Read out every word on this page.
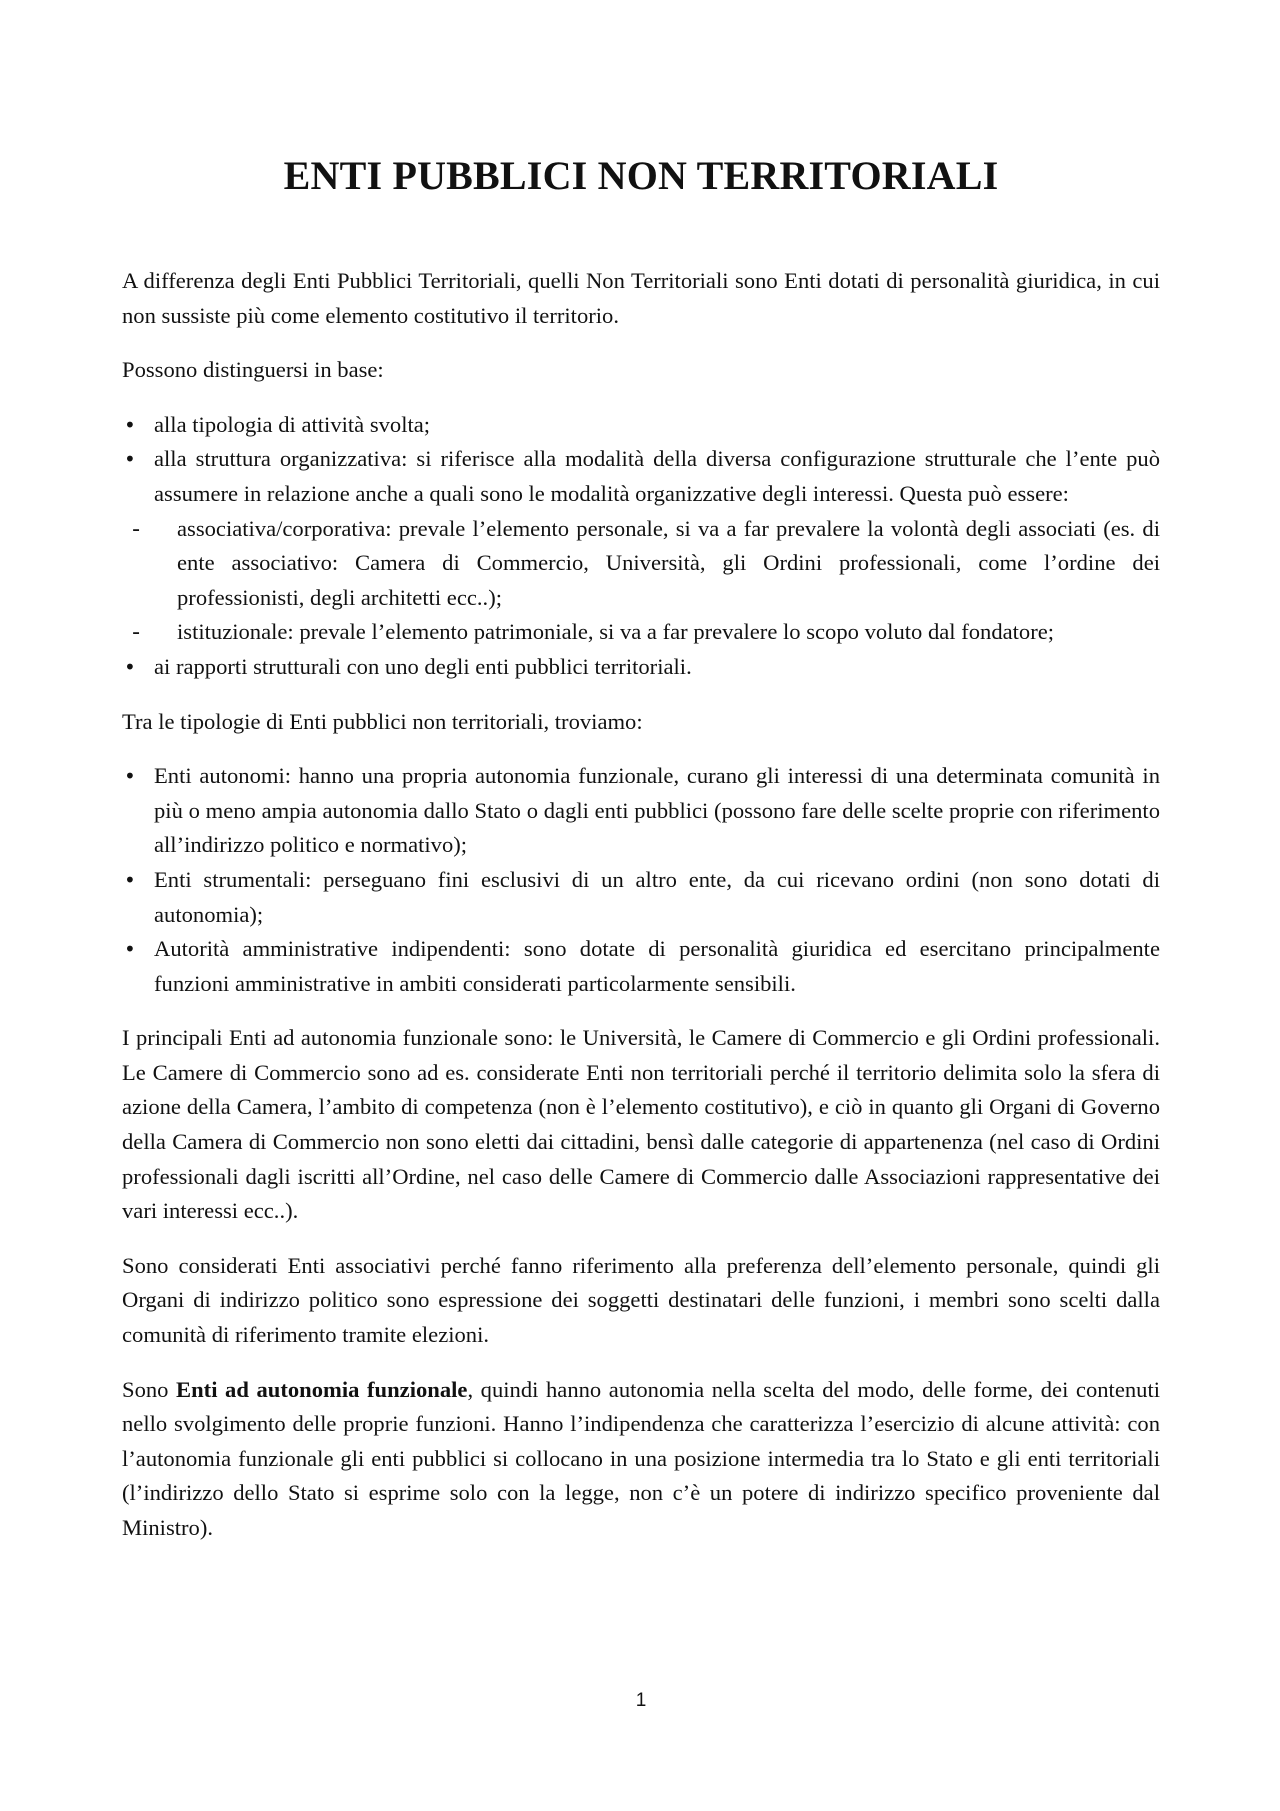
ENTI PUBBLICI NON TERRITORIALI

A differenza degli Enti Pubblici Territoriali, quelli Non Territoriali sono Enti dotati di personalità giuridica, in cui non sussiste più come elemento costitutivo il territorio.

Possono distinguersi in base:

• alla tipologia di attività svolta;
• alla struttura organizzativa: si riferisce alla modalità della diversa configurazione strutturale che l’ente può assumere in relazione anche a quali sono le modalità organizzative degli interessi. Questa può essere:
- associativa/corporativa: prevale l’elemento personale, si va a far prevalere la volontà degli associati (es. di ente associativo: Camera di Commercio, Università, gli Ordini professionali, come l’ordine dei professionisti, degli architetti ecc..);
- istituzionale: prevale l’elemento patrimoniale, si va a far prevalere lo scopo voluto dal fondatore;
• ai rapporti strutturali con uno degli enti pubblici territoriali.

Tra le tipologie di Enti pubblici non territoriali, troviamo:

• Enti autonomi: hanno una propria autonomia funzionale, curano gli interessi di una determinata comunità in più o meno ampia autonomia dallo Stato o dagli enti pubblici (possono fare delle scelte proprie con riferimento all’indirizzo politico e normativo);
• Enti strumentali: perseguano fini esclusivi di un altro ente, da cui ricevano ordini (non sono dotati di autonomia);
• Autorità amministrative indipendenti: sono dotate di personalità giuridica ed esercitano principalmente funzioni amministrative in ambiti considerati particolarmente sensibili.

I principali Enti ad autonomia funzionale sono: le Università, le Camere di Commercio e gli Ordini professionali. Le Camere di Commercio sono ad es. considerate Enti non territoriali perché il territorio delimita solo la sfera di azione della Camera, l’ambito di competenza (non è l’elemento costitutivo), e ciò in quanto gli Organi di Governo della Camera di Commercio non sono eletti dai cittadini, bensì dalle categorie di appartenenza (nel caso di Ordini professionali dagli iscritti all’Ordine, nel caso delle Camere di Commercio dalle Associazioni rappresentative dei vari interessi ecc..).

Sono considerati Enti associativi perché fanno riferimento alla preferenza dell’elemento personale, quindi gli Organi di indirizzo politico sono espressione dei soggetti destinatari delle funzioni, i membri sono scelti dalla comunità di riferimento tramite elezioni.

Sono Enti ad autonomia funzionale, quindi hanno autonomia nella scelta del modo, delle forme, dei contenuti nello svolgimento delle proprie funzioni. Hanno l’indipendenza che caratterizza l’esercizio di alcune attività: con l’autonomia funzionale gli enti pubblici si collocano in una posizione intermedia tra lo Stato e gli enti territoriali (l’indirizzo dello Stato si esprime solo con la legge, non c’è un potere di indirizzo specifico proveniente dal Ministro).

1
